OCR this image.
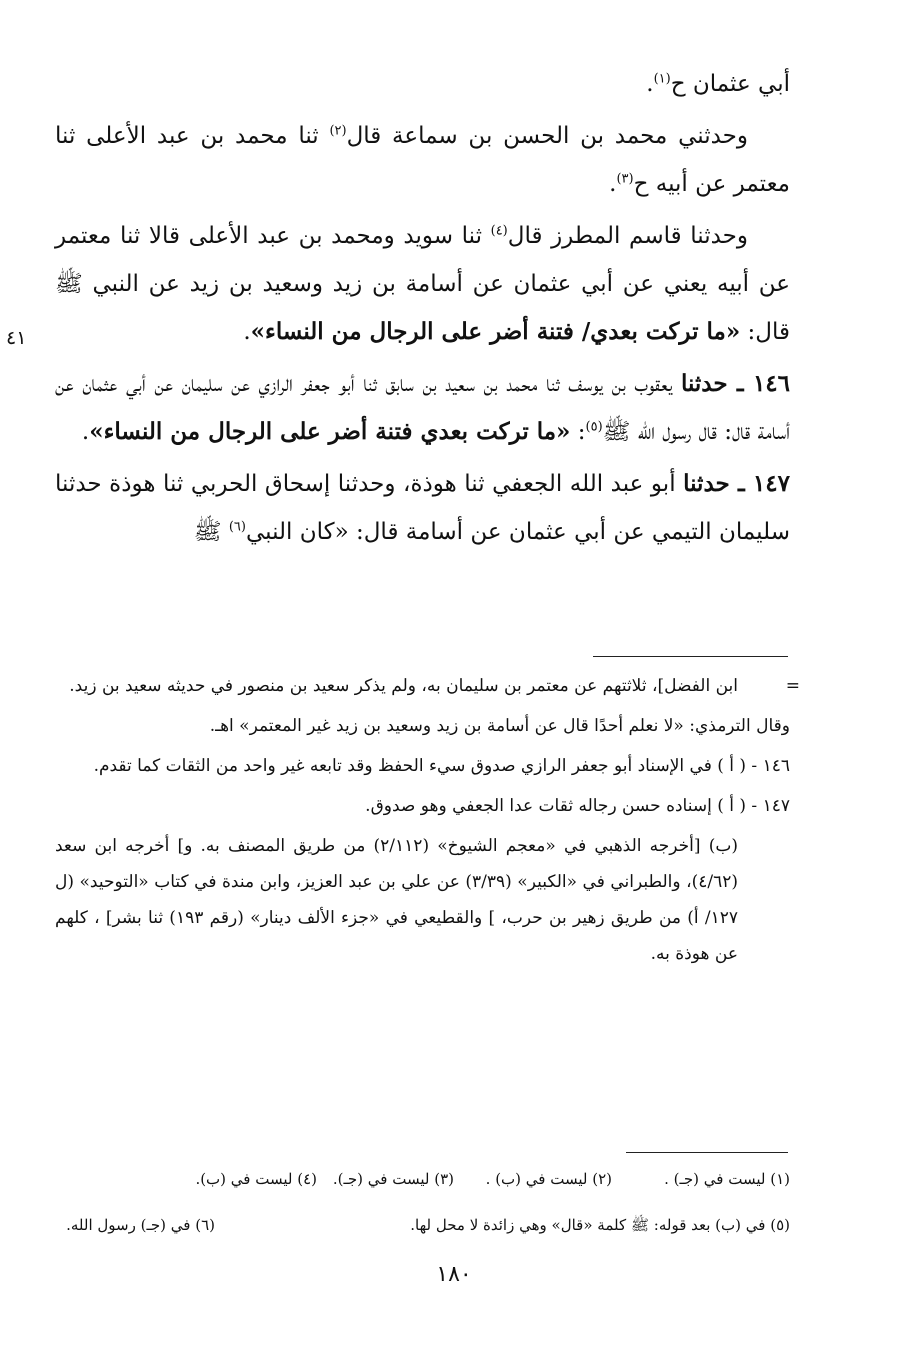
أبي عثمان ح$^{(١)}$.

وحدثني محمد بن الحسن بن سماعة قال$^{(٢)}$ ثنا محمد بن عبد الأعلى ثنا معتمر عن أبيه ح$^{(٣)}$.

وحدثنا قاسم المطرز قال$^{(٤)}$ ثنا سويد ومحمد بن عبد الأعلى قالا ثنا معتمر عن أبيه يعني عن أبي عثمان عن أسامة بن زيد وسعيد بن زيد عن النبي ﷺ قال: «ما تركت بعدي/ فتنة أضر على الرجال من النساء».

١٤٦ ـ حدثنا يعقوب بن يوسف ثنا محمد بن سعيد بن سابق ثنا أبو جعفر الرازي عن سليمان عن أبي عثمان عن أسامة قال: قال رسول الله ﷺ$^{(٥)}$: «ما تركت بعدي فتنة أضر على الرجال من النساء».

١٤٧ ـ حدثنا أبو عبد الله الجعفي ثنا هوذة، وحدثنا إسحاق الحربي ثنا هوذة حدثنا سليمان التيمي عن أبي عثمان عن أسامة قال: «كان النبي$^{(٦)}$ ﷺ

٤١
=

ابن الفضل]، ثلاثتهم عن معتمر بن سليمان به، ولم يذكر سعيد بن منصور في حديثه سعيد بن زيد.

وقال الترمذي: «لا نعلم أحدًا قال عن أسامة بن زيد وسعيد بن زيد غير المعتمر» اهـ.

١٤٦ - ( أ ) في الإسناد أبو جعفر الرازي صدوق سيء الحفظ وقد تابعه غير واحد من الثقات كما تقدم.

١٤٧ - ( أ ) إسناده حسن رجاله ثقات عدا الجعفي وهو صدوق.

(ب) [أخرجه الذهبي في «معجم الشيوخ» (٢/١١٢) من طريق المصنف به. و] أخرجه ابن سعد (٤/٦٢)، والطبراني في «الكبير» (٣/٣٩) عن علي بن عبد العزيز، وابن مندة في كتاب «التوحيد» (ل ١٢٧/ أ) من طريق زهير بن حرب، ] والقطيعي في «جزء الألف دينار» (رقم ١٩٣) ثنا بشر] ، كلهم عن هوذة به.

(١) ليست في (جـ) .(٢) ليست في (ب) .(٣) ليست في (جـ).(٤) ليست في (ب).
(٥) في (ب) بعد قوله: ﷺ كلمة «قال» وهي زائدة لا محل لها.(٦) في (جـ) رسول الله.
١٨٠
